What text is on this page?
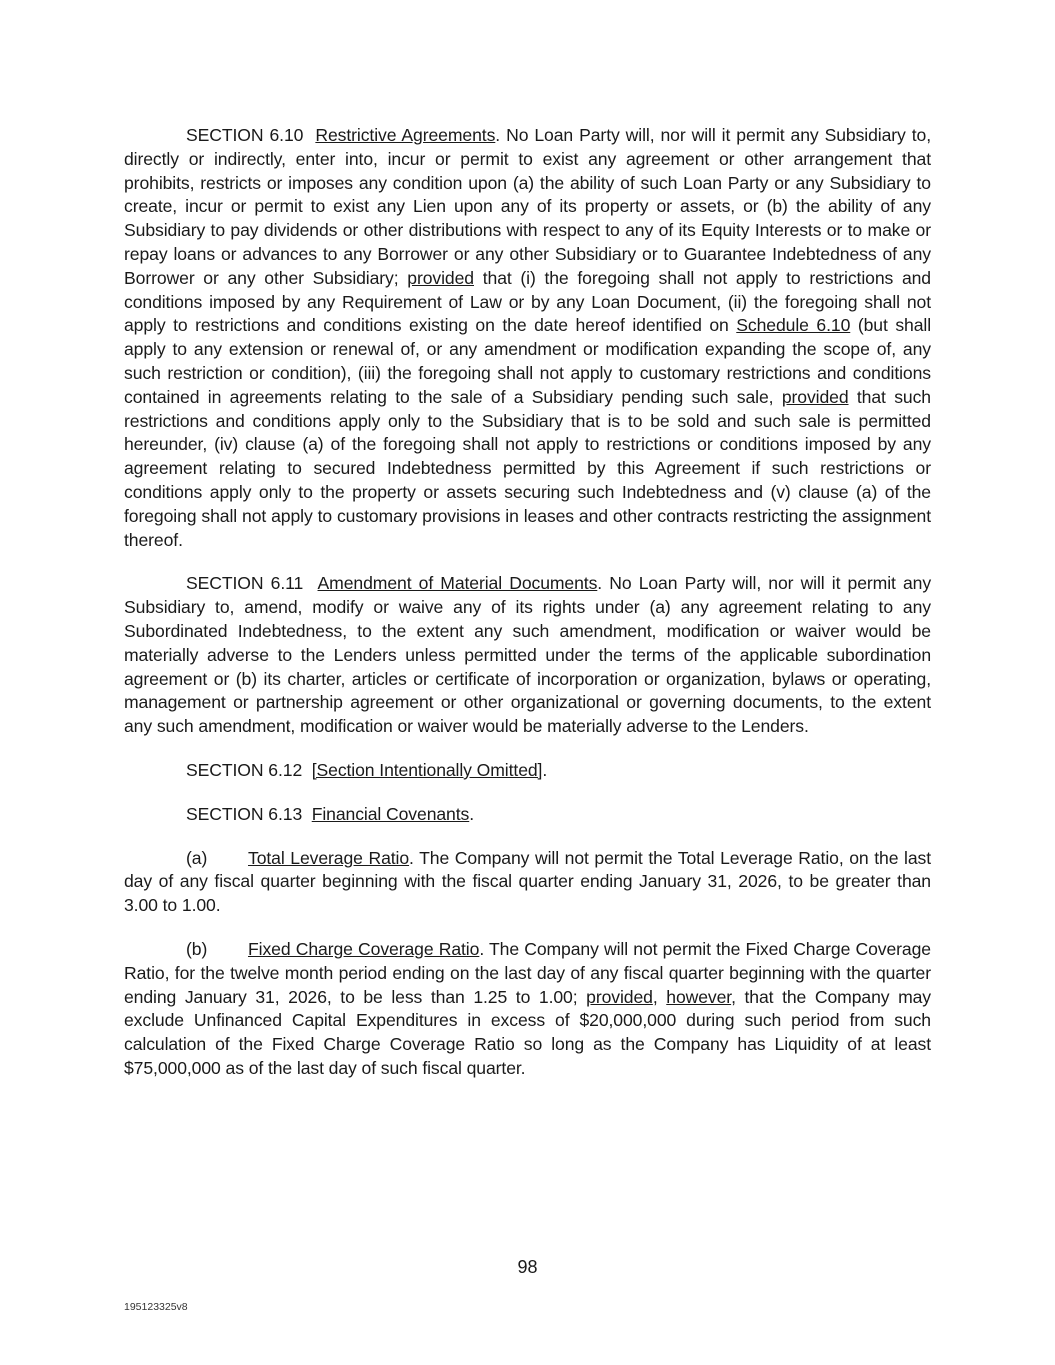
SECTION 6.10 Restrictive Agreements. No Loan Party will, nor will it permit any Subsidiary to, directly or indirectly, enter into, incur or permit to exist any agreement or other arrangement that prohibits, restricts or imposes any condition upon (a) the ability of such Loan Party or any Subsidiary to create, incur or permit to exist any Lien upon any of its property or assets, or (b) the ability of any Subsidiary to pay dividends or other distributions with respect to any of its Equity Interests or to make or repay loans or advances to any Borrower or any other Subsidiary or to Guarantee Indebtedness of any Borrower or any other Subsidiary; provided that (i) the foregoing shall not apply to restrictions and conditions imposed by any Requirement of Law or by any Loan Document, (ii) the foregoing shall not apply to restrictions and conditions existing on the date hereof identified on Schedule 6.10 (but shall apply to any extension or renewal of, or any amendment or modification expanding the scope of, any such restriction or condition), (iii) the foregoing shall not apply to customary restrictions and conditions contained in agreements relating to the sale of a Subsidiary pending such sale, provided that such restrictions and conditions apply only to the Subsidiary that is to be sold and such sale is permitted hereunder, (iv) clause (a) of the foregoing shall not apply to restrictions or conditions imposed by any agreement relating to secured Indebtedness permitted by this Agreement if such restrictions or conditions apply only to the property or assets securing such Indebtedness and (v) clause (a) of the foregoing shall not apply to customary provisions in leases and other contracts restricting the assignment thereof.

SECTION 6.11 Amendment of Material Documents. No Loan Party will, nor will it permit any Subsidiary to, amend, modify or waive any of its rights under (a) any agreement relating to any Subordinated Indebtedness, to the extent any such amendment, modification or waiver would be materially adverse to the Lenders unless permitted under the terms of the applicable subordination agreement or (b) its charter, articles or certificate of incorporation or organization, bylaws or operating, management or partnership agreement or other organizational or governing documents, to the extent any such amendment, modification or waiver would be materially adverse to the Lenders.

SECTION 6.12 [Section Intentionally Omitted].

SECTION 6.13 Financial Covenants.

(a) Total Leverage Ratio. The Company will not permit the Total Leverage Ratio, on the last day of any fiscal quarter beginning with the fiscal quarter ending January 31, 2026, to be greater than 3.00 to 1.00.

(b) Fixed Charge Coverage Ratio. The Company will not permit the Fixed Charge Coverage Ratio, for the twelve month period ending on the last day of any fiscal quarter beginning with the quarter ending January 31, 2026, to be less than 1.25 to 1.00; provided, however, that the Company may exclude Unfinanced Capital Expenditures in excess of $20,000,000 during such period from such calculation of the Fixed Charge Coverage Ratio so long as the Company has Liquidity of at least $75,000,000 as of the last day of such fiscal quarter.

98
195123325v8
